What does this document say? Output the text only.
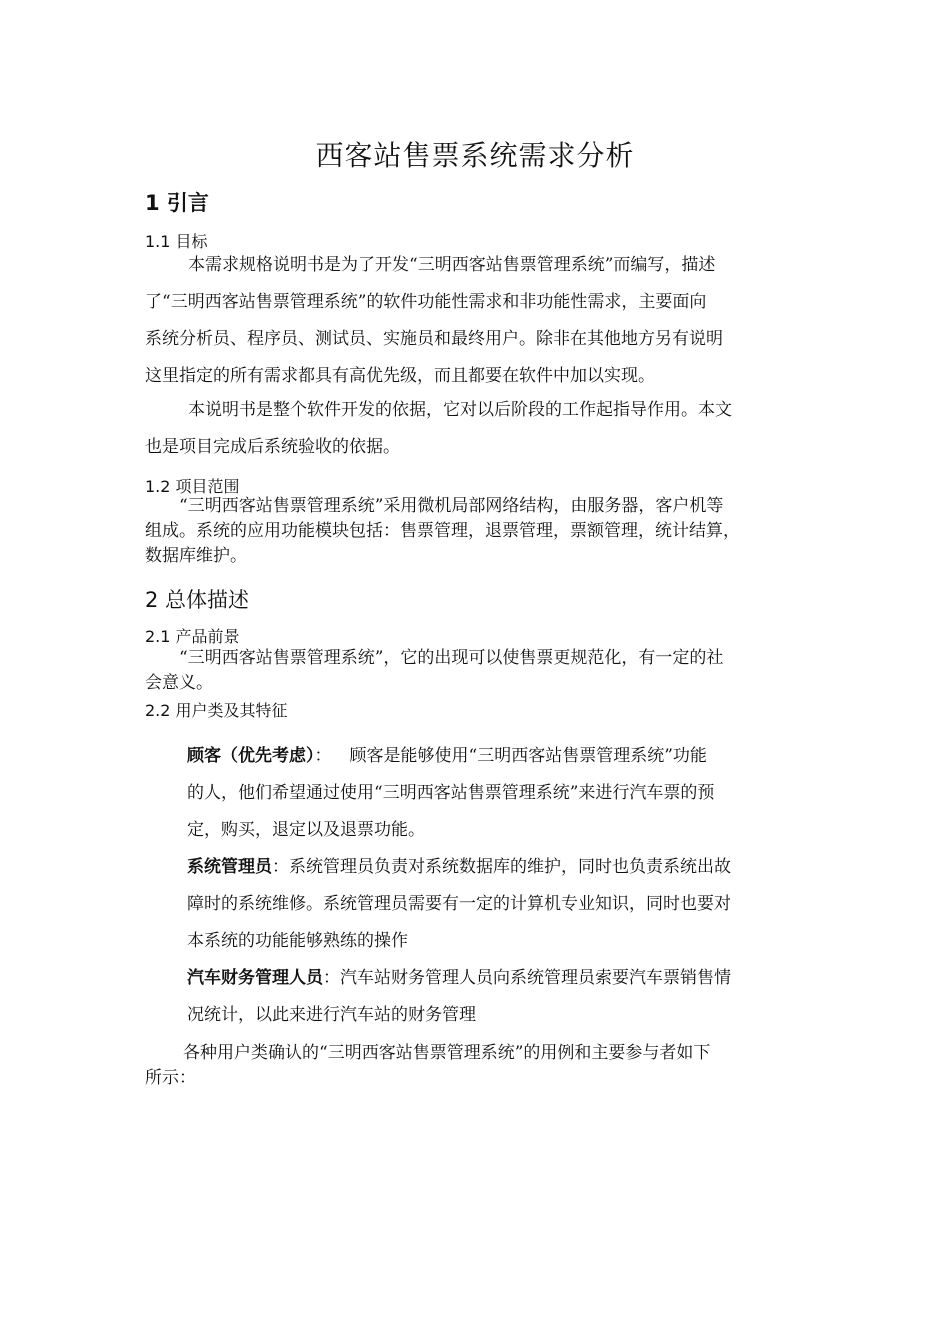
西客站售票系统需求分析
1 引言
1.1 目标
本需求规格说明书是为了开发“三明西客站售票管理系统”而编写，描述
了“三明西客站售票管理系统”的软件功能性需求和非功能性需求，主要面向
系统分析员、程序员、测试员、实施员和最终用户。除非在其他地方另有说明
这里指定的所有需求都具有高优先级，而且都要在软件中加以实现。
本说明书是整个软件开发的依据，它对以后阶段的工作起指导作用。本文
也是项目完成后系统验收的依据。
1.2 项目范围
“三明西客站售票管理系统”采用微机局部网络结构，由服务器，客户机等
组成。系统的应用功能模块包括：售票管理，退票管理，票额管理，统计结算，
数据库维护。
2 总体描述
2.1 产品前景
“三明西客站售票管理系统”，它的出现可以使售票更规范化，有一定的社
会意义。
2.2 用户类及其特征
顾客（优先考虑）： 顾客是能够使用“三明西客站售票管理系统”功能
的人，他们希望通过使用“三明西客站售票管理系统”来进行汽车票的预
定，购买，退定以及退票功能。
系统管理员：系统管理员负责对系统数据库的维护，同时也负责系统出故
障时的系统维修。系统管理员需要有一定的计算机专业知识，同时也要对
本系统的功能能够熟练的操作
汽车财务管理人员：汽车站财务管理人员向系统管理员索要汽车票销售情
况统计，以此来进行汽车站的财务管理
各种用户类确认的“三明西客站售票管理系统”的用例和主要参与者如下
所示：
